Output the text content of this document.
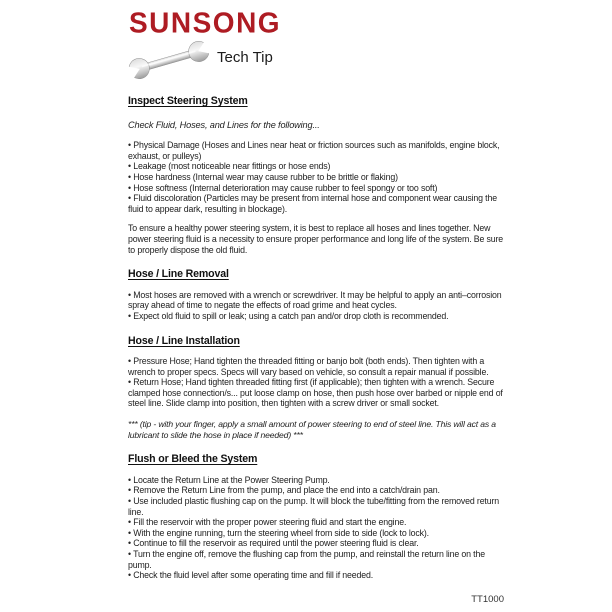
SUNSONG
Tech Tip
Inspect Steering System

Check Fluid, Hoses, and Lines for the following...

• Physical Damage (Hoses and Lines near heat or friction sources such as manifolds, engine block, exhaust, or pulleys)

• Leakage (most noticeable near fittings or hose ends)

• Hose hardness (Internal wear may cause rubber to be brittle or flaking)

• Hose softness (Internal deterioration may cause rubber to feel spongy or too soft)

• Fluid discoloration (Particles may be present from internal hose and component wear causing the fluid to appear dark, resulting in blockage).

To ensure a healthy power steering system, it is best to replace all hoses and lines together. New power steering fluid is a necessity to ensure proper performance and long life of the system. Be sure to properly dispose the old fluid.

Hose / Line Removal

• Most hoses are removed with a wrench or screwdriver. It may be helpful to apply an anti–corrosion spray ahead of time to negate the effects of road grime and heat cycles.

• Expect old fluid to spill or leak; using a catch pan and/or drop cloth is recommended.

Hose / Line Installation

• Pressure Hose; Hand tighten the threaded fitting or banjo bolt (both ends). Then tighten with a wrench to proper specs. Specs will vary based on vehicle, so consult a repair manual if possible.

• Return Hose; Hand tighten threaded fitting first (if applicable); then tighten with a wrench. Secure clamped hose connection/s... put loose clamp on hose, then push hose over barbed or nipple end of steel line. Slide clamp into position, then tighten with a screw driver or small socket.

*** (tip - with your finger, apply a small amount of power steering to end of steel line. This will act as a lubricant to slide the hose in place if needed) ***

Flush or Bleed the System

• Locate the Return Line at the Power Steering Pump.

• Remove the Return Line from the pump, and place the end into a catch/drain pan.

• Use included plastic flushing cap on the pump. It will block the tube/fitting from the removed return line.

• Fill the reservoir with the proper power steering fluid and start the engine.

• With the engine running, turn the steering wheel from side to side (lock to lock).

• Continue to fill the reservoir as required until the power steering fluid is clear.

• Turn the engine off, remove the flushing cap from the pump, and reinstall the return line on the pump.

• Check the fluid level after some operating time and fill if needed.

TT1000
